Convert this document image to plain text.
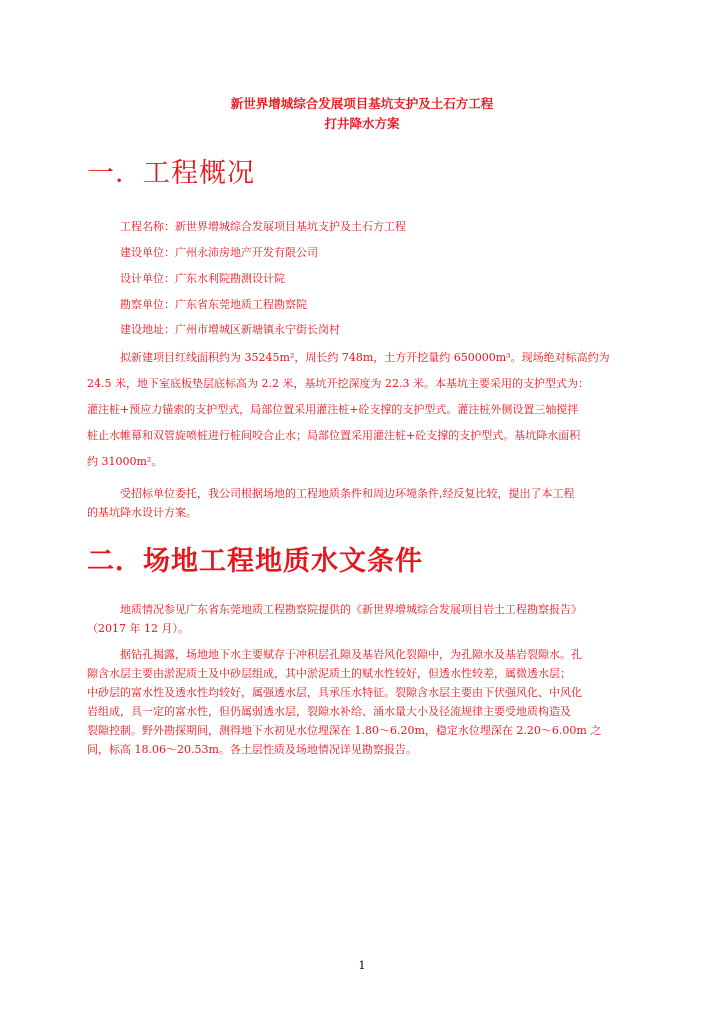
新世界增城综合发展项目基坑支护及土石方工程

打井降水方案

一．工程概况

工程名称：新世界增城综合发展项目基坑支护及土石方工程

建设单位：广州永沛房地产开发有限公司

设计单位：广东水利院勘测设计院

勘察单位：广东省东莞地质工程勘察院

建设地址：广州市增城区新塘镇永宁街长岗村

拟新建项目红线面积约为 35245m²，周长约 748m，土方开挖量约 650000m³。现场绝对标高约为
24.5 米，地下室底板垫层底标高为 2.2 米，基坑开挖深度为 22.3 米。本基坑主要采用的支护型式为：
灌注桩+预应力锚索的支护型式，局部位置采用灌注桩+砼支撑的支护型式。灌注桩外侧设置三轴搅拌
桩止水帷幕和双管旋喷桩进行桩间咬合止水；局部位置采用灌注桩+砼支撑的支护型式。基坑降水面积
约 31000m²。
受招标单位委托，我公司根据场地的工程地质条件和周边环境条件,经反复比较，提出了本工程
的基坑降水设计方案。
二．场地工程地质水文条件
地质情况参见广东省东莞地质工程勘察院提供的《新世界增城综合发展项目岩土工程勘察报告》
（2017 年 12 月）。
据钻孔揭露，场地地下水主要赋存于冲积层孔隙及基岩风化裂隙中，为孔隙水及基岩裂隙水。孔
隙含水层主要由淤泥质土及中砂层组成，其中淤泥质土的赋水性较好，但透水性较差，属微透水层；
中砂层的富水性及透水性均较好，属强透水层，具承压水特征。裂隙含水层主要由下伏强风化、中风化
岩组成，具一定的富水性，但仍属弱透水层，裂隙水补给、涌水量大小及径流规律主要受地质构造及
裂隙控制。野外勘探期间，测得地下水初见水位埋深在 1.80～6.20m，稳定水位埋深在 2.20～6.00m 之
间，标高 18.06～20.53m。各土层性质及场地情况详见勘察报告。

1
